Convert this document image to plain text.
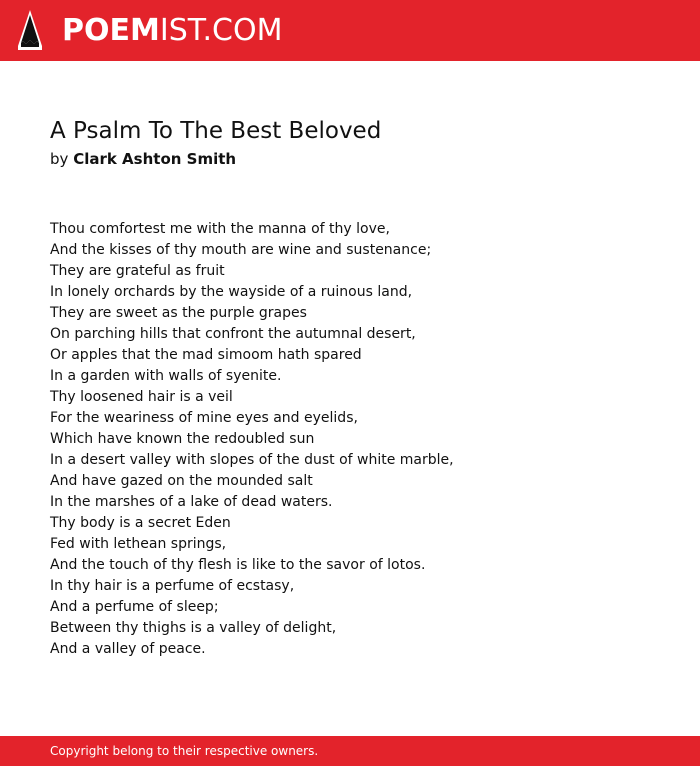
POEMIST.COM
A Psalm To The Best Beloved
by Clark Ashton Smith
Thou comfortest me with the manna of thy love,
And the kisses of thy mouth are wine and sustenance;
They are grateful as fruit
In lonely orchards by the wayside of a ruinous land,
They are sweet as the purple grapes
On parching hills that confront the autumnal desert,
Or apples that the mad simoom hath spared
In a garden with walls of syenite.
Thy loosened hair is a veil
For the weariness of mine eyes and eyelids,
Which have known the redoubled sun
In a desert valley with slopes of the dust of white marble,
And have gazed on the mounded salt
In the marshes of a lake of dead waters.
Thy body is a secret Eden
Fed with lethean springs,
And the touch of thy flesh is like to the savor of lotos.
In thy hair is a perfume of ecstasy,
And a perfume of sleep;
Between thy thighs is a valley of delight,
And a valley of peace.
Copyright belong to their respective owners.
